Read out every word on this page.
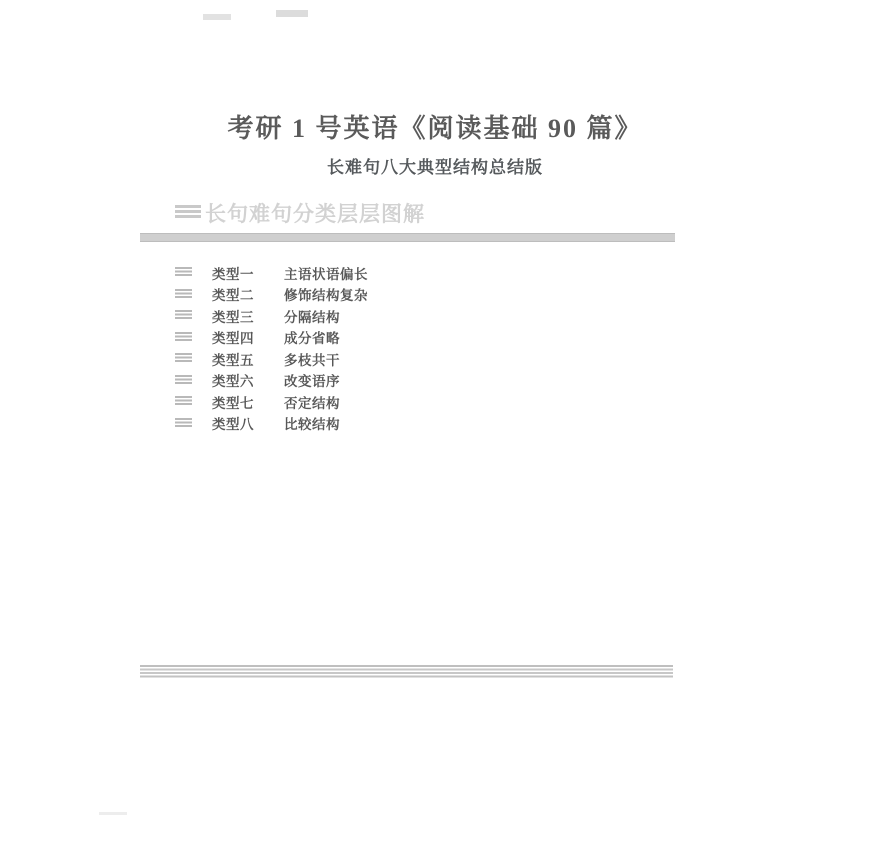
考研 1 号英语《阅读基础 90 篇》
长难句八大典型结构总结版
长句难句分类层层图解
类型一	主语状语偏长
类型二	修饰结构复杂
类型三	分隔结构
类型四	成分省略
类型五	多枝共干
类型六	改变语序
类型七	否定结构
类型八	比较结构
